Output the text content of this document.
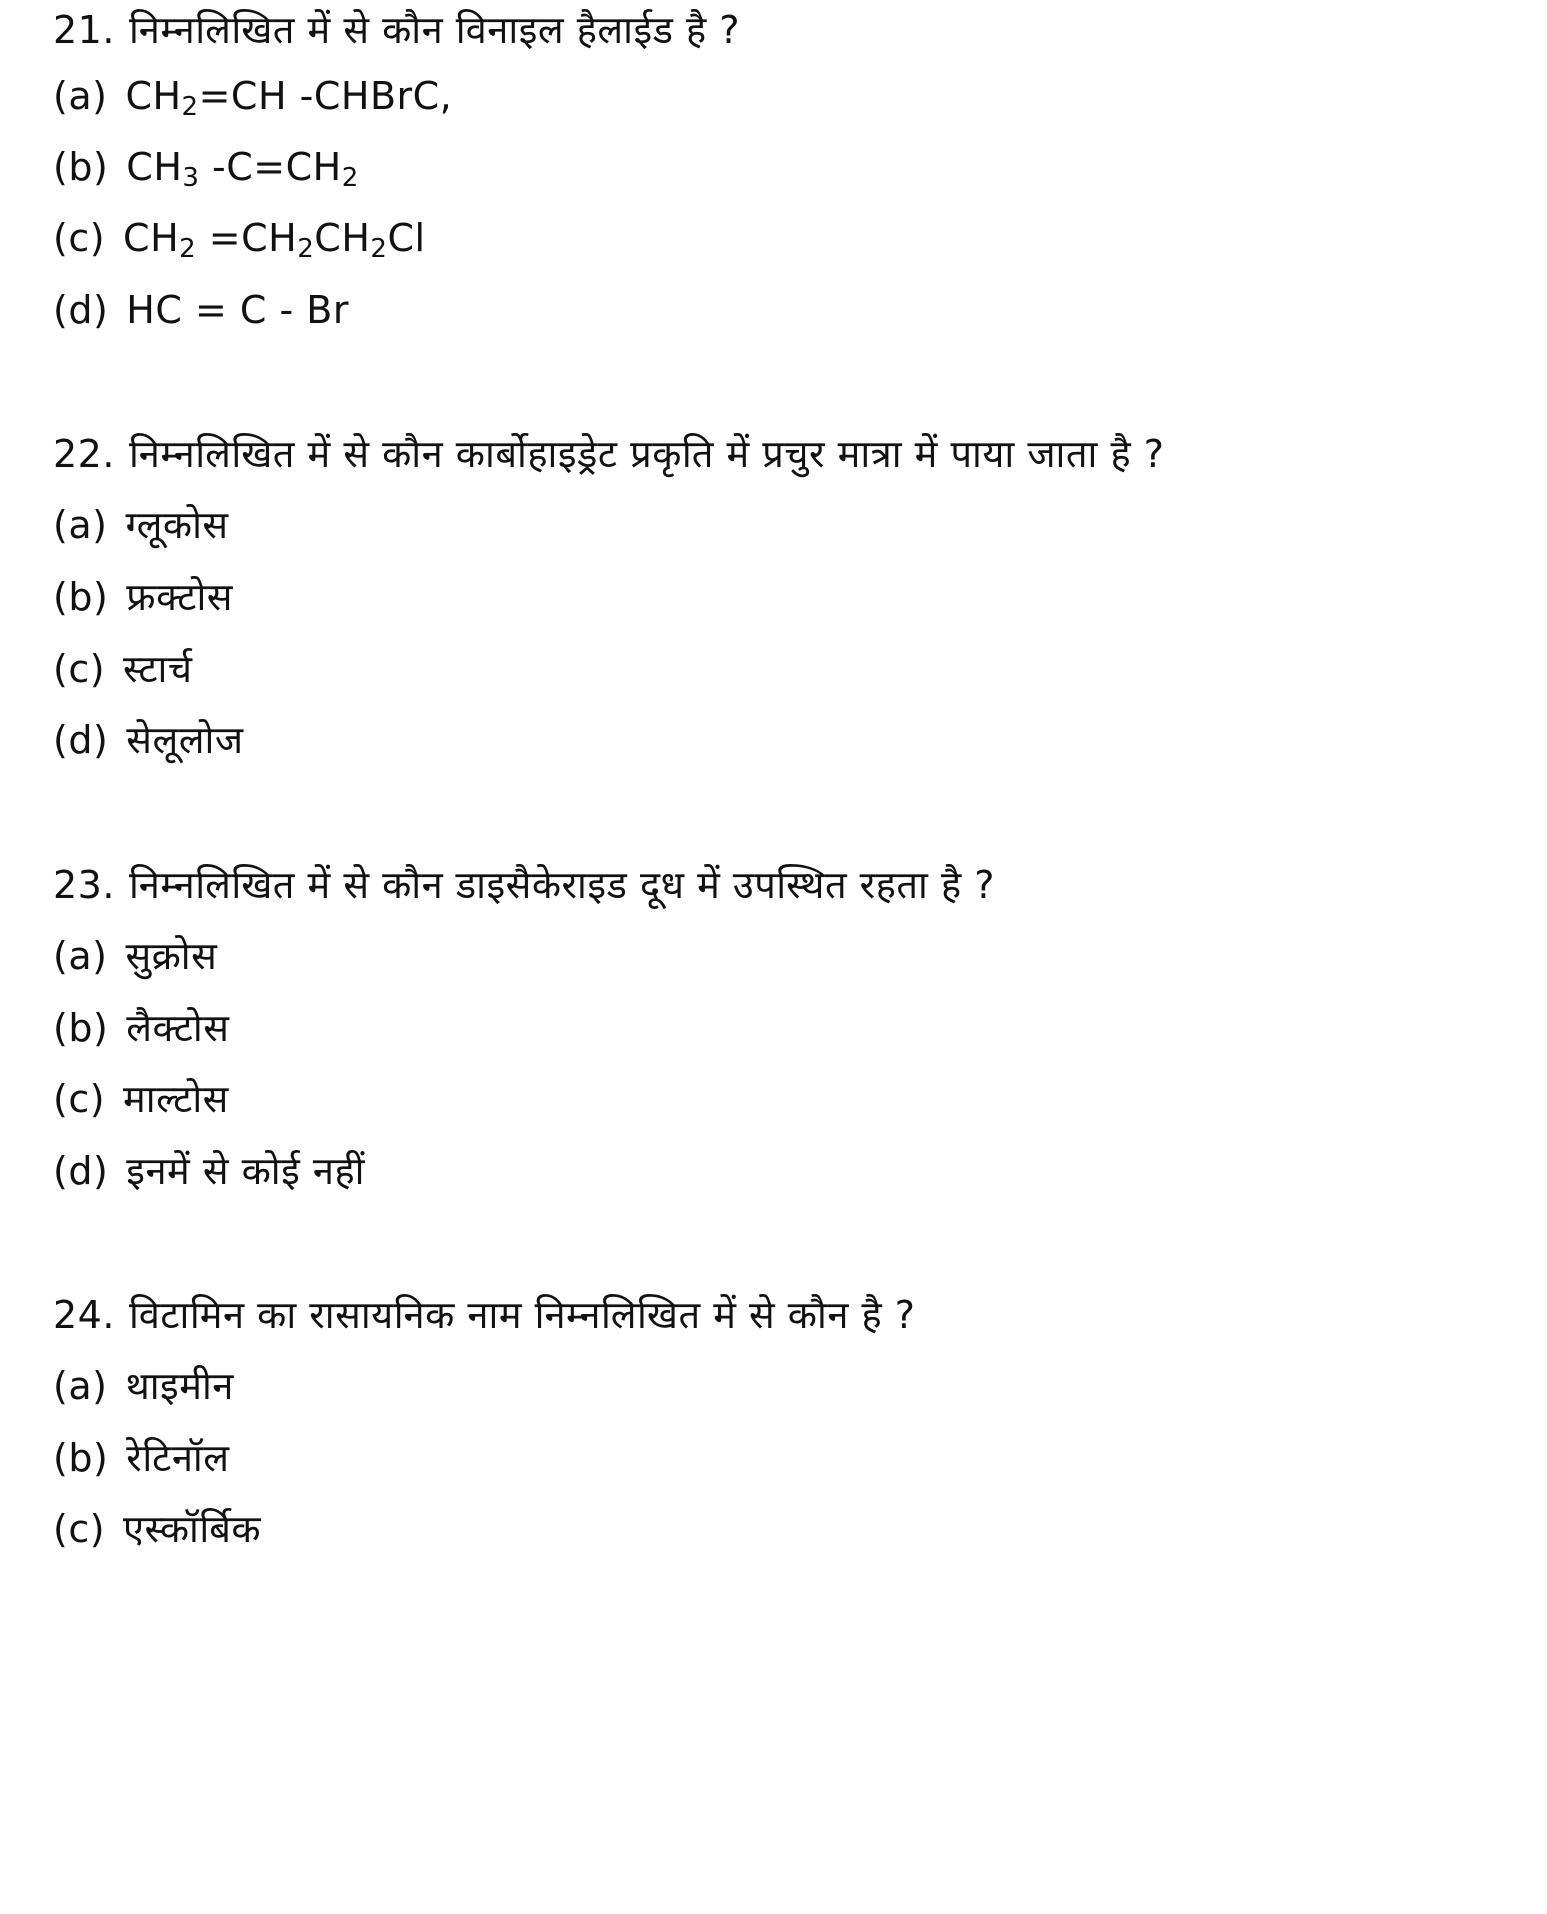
21. निम्नलिखित में से कौन विनाइल हैलाईड है ?
(a) $CH_2=CH$ -CHBrC,
(b) $CH_3$ $-C=CH_2$
(c) $CH_2 =CH_2CH_2Cl$
(d) HC = C - Br
22. निम्नलिखित में से कौन कार्बोहाइड्रेट प्रकृति में प्रचुर मात्रा में पाया जाता है ?
(a) ग्लूकोस
(b) फ्रक्टोस
(c) स्टार्च
(d) सेलूलोज
23. निम्नलिखित में से कौन डाइसैकेराइड दूध में उपस्थित रहता है ?
(a) सुक्रोस
(b) लैक्टोस
(c) माल्टोस
(d) इनमें से कोई नहीं
24. विटामिन का रासायनिक नाम निम्नलिखित में से कौन है ?
(a) थाइमीन
(b) रेटिनॉल
(c) एस्कॉर्बिक
